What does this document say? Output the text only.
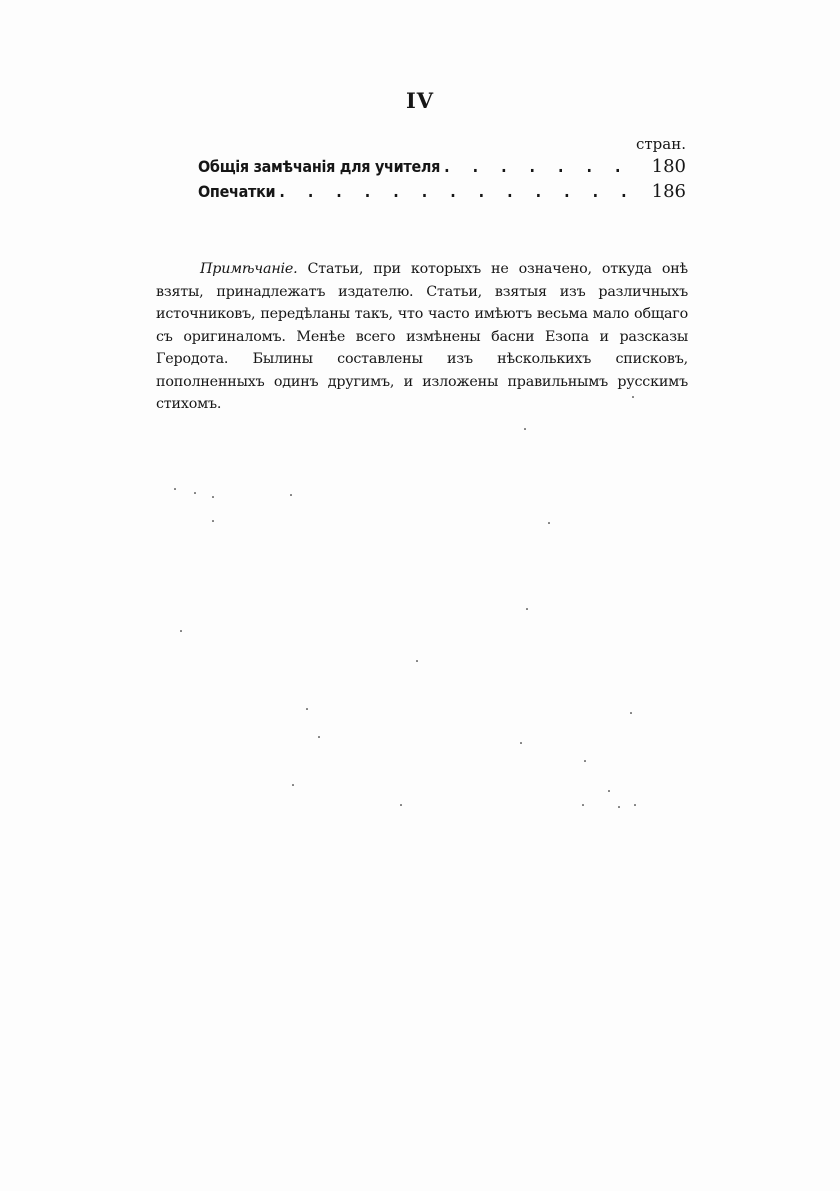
IV
стран.
Общія замѣчанія для учителя . . .	180
Опечатки . . .	186

Примѣчаніе. Статьи, при которыхъ не означено, откуда онѣ взяты, принадлежатъ издателю. Статьи, взятыя изъ различныхъ источниковъ, передѣланы такъ, что часто имѣютъ весьма мало общаго съ оригиналомъ. Менѣе всего измѣнены басни Езопа и разсказы Геродота. Былины составлены изъ нѣсколькихъ списковъ, пополненныхъ одинъ другимъ, и изложены правильнымъ русскимъ стихомъ.
